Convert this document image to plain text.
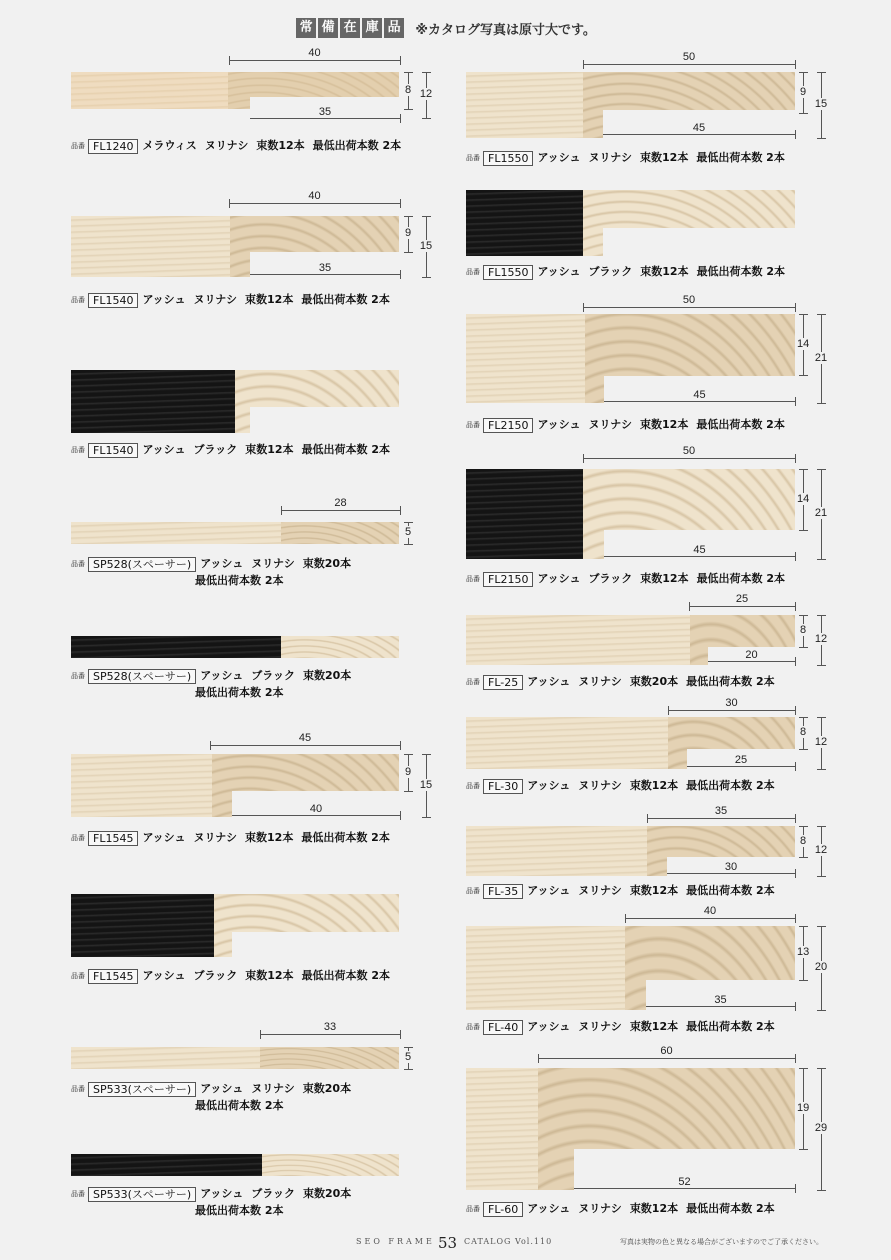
常 備 在 庫 品 ※カタログ写真は原寸大です。
40
35
8 12
品番 FL1240 メラウィス ヌリナシ 束数12本 最低出荷本数 2本
40
35
9
15
品番 FL1540 アッシュ ヌリナシ 束数12本 最低出荷本数 2本
品番 FL1540 アッシュ ブラック 束数12本 最低出荷本数 2本
28
5
品番 SP528(スペーサー) アッシュ ヌリナシ 束数20本
最低出荷本数 2本
品番 SP528(スペーサー) アッシュ ブラック 束数20本
最低出荷本数 2本
45
40
9
15
品番 FL1545 アッシュ ヌリナシ 束数12本 最低出荷本数 2本
品番 FL1545 アッシュ ブラック 束数12本 最低出荷本数 2本
33
5
品番 SP533(スペーサー) アッシュ ヌリナシ 束数20本
最低出荷本数 2本
品番 SP533(スペーサー) アッシュ ブラック 束数20本
最低出荷本数 2本
50
45
9
15
品番 FL1550 アッシュ ヌリナシ 束数12本 最低出荷本数 2本
品番 FL1550 アッシュ ブラック 束数12本 最低出荷本数 2本
50
45
14
21
品番 FL2150 アッシュ ヌリナシ 束数12本 最低出荷本数 2本
50
45
14
21
品番 FL2150 アッシュ ブラック 束数12本 最低出荷本数 2本
25
20
8
12
品番 FL-25 アッシュ ヌリナシ 束数20本 最低出荷本数 2本
30
25
8
12
品番 FL-30 アッシュ ヌリナシ 束数12本 最低出荷本数 2本
35
30
8
12
品番 FL-35 アッシュ ヌリナシ 束数12本 最低出荷本数 2本
40
35
13
20
品番 FL-40 アッシュ ヌリナシ 束数12本 最低出荷本数 2本
60
52
19
29
品番 FL-60 アッシュ ヌリナシ 束数12本 最低出荷本数 2本
SEO FRAME 53 CATALOG Vol.110	写真は実物の色と異なる場合がございますのでご了承ください。
